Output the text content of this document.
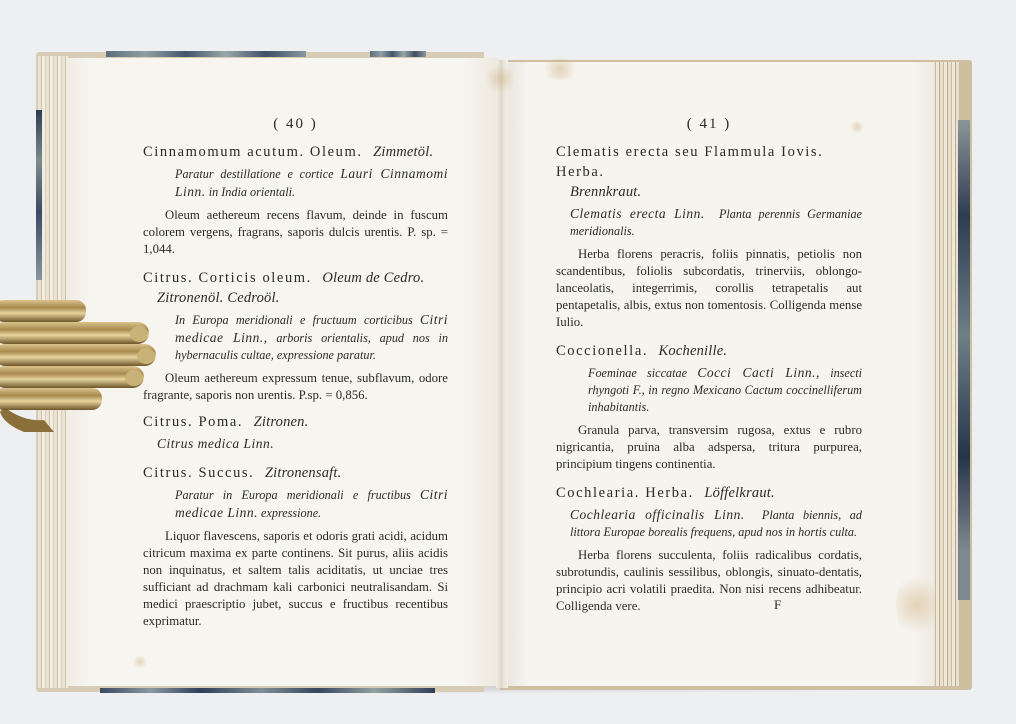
( 40 )
Cinnamomum acutum. Oleum. Zimmetöl.
Paratur destillatione e cortice Lauri Cinnamomi Linn. in India orientali.
Oleum aethereum recens flavum, deinde in fuscum colorem vergens, fragrans, saporis dulcis urentis. P. sp. = 1,044.
Citrus. Corticis oleum. Oleum de Cedro.
Zitronenöl. Cedroöl.
In Europa meridionali e fructuum corticibus Citri medicae Linn., arboris orientalis, apud nos in hybernaculis cultae, expressione paratur.
Oleum aethereum expressum tenue, subflavum, odore fragrante, saporis non urentis. P.sp. = 0,856.
Citrus. Poma. Zitronen.
Citrus medica Linn.
Citrus. Succus. Zitronensaft.
Paratur in Europa meridionali e fructibus Citri medicae Linn. expressione.
Liquor flavescens, saporis et odoris grati acidi, acidum citricum maxima ex parte continens. Sit purus, aliis acidis non inquinatus, et saltem talis aciditatis, ut unciae tres sufficiant ad drachmam kali carbonici neutralisandam. Si medici praescriptio jubet, succus e fructibus recentibus exprimatur.
( 41 )
Clematis erecta seu Flammula Iovis. Herba.
Brennkraut.
Clematis erecta Linn. Planta perennis Germaniae meridionalis.
Herba florens peracris, foliis pinnatis, petiolis non scandentibus, foliolis subcordatis, trinerviis, oblongo-lanceolatis, integerrimis, corollis tetrapetalis aut pentapetalis, albis, extus non tomentosis. Colligenda mense Iulio.
Coccionella. Kochenille.
Foeminae siccatae Cocci Cacti Linn., insecti rhyngoti F., in regno Mexicano Cactum coccinelliferum inhabitantis.
Granula parva, transversim rugosa, extus e rubro nigricantia, pruina alba adspersa, tritura purpurea, principium tingens continentia.
Cochlearia. Herba. Löffelkraut.
Cochlearia officinalis Linn. Planta biennis, ad littora Europae borealis frequens, apud nos in hortis culta.
Herba florens succulenta, foliis radicalibus cordatis, subrotundis, caulinis sessilibus, oblongis, sinuato-dentatis, principio acri volatili praedita. Non nisi recens adhibeatur. Colligenda vere.	F
